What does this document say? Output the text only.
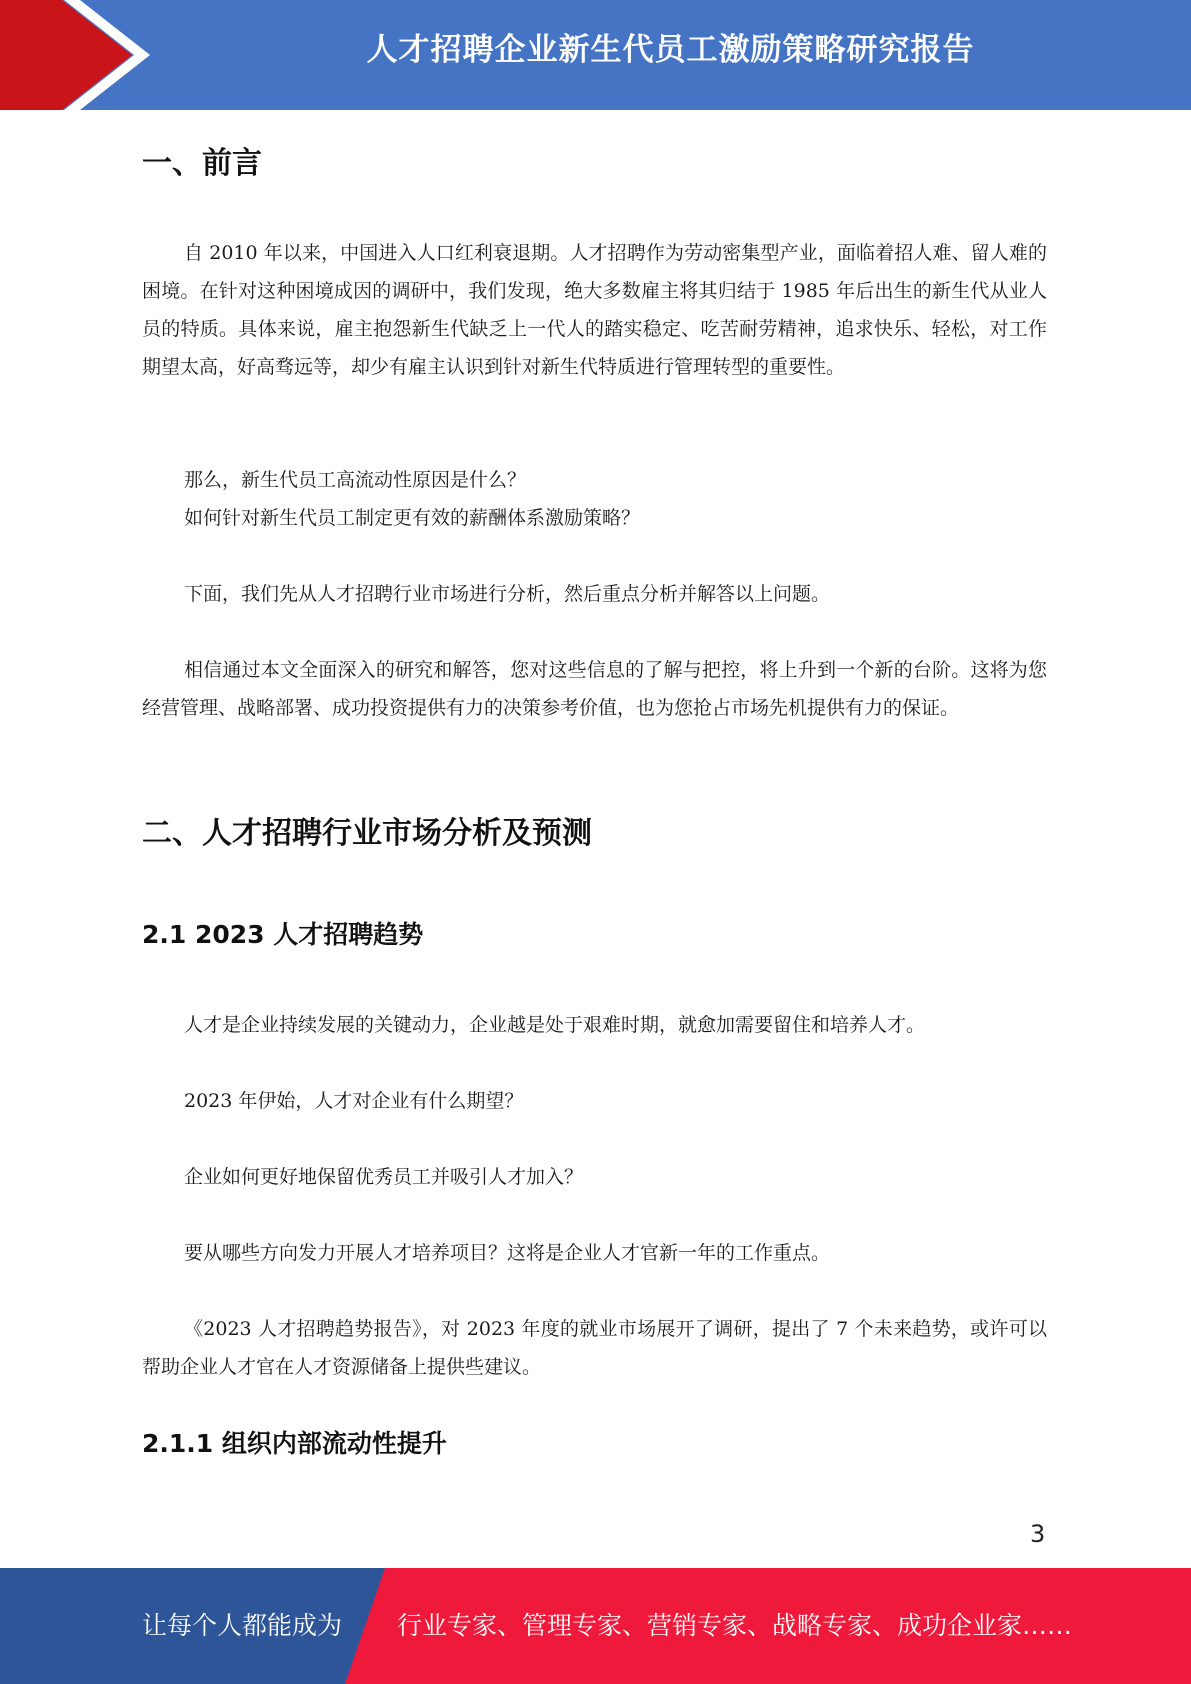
人才招聘企业新生代员工激励策略研究报告
一、前言

自 2010 年以来，中国进入人口红利衰退期。人才招聘作为劳动密集型产业，面临着招人难、留人难的困境。在针对这种困境成因的调研中，我们发现，绝大多数雇主将其归结于 1985 年后出生的新生代从业人员的特质。具体来说，雇主抱怨新生代缺乏上一代人的踏实稳定、吃苦耐劳精神，追求快乐、轻松，对工作期望太高，好高骛远等，却少有雇主认识到针对新生代特质进行管理转型的重要性。

那么，新生代员工高流动性原因是什么？

如何针对新生代员工制定更有效的薪酬体系激励策略？

下面，我们先从人才招聘行业市场进行分析，然后重点分析并解答以上问题。

相信通过本文全面深入的研究和解答，您对这些信息的了解与把控，将上升到一个新的台阶。这将为您经营管理、战略部署、成功投资提供有力的决策参考价值，也为您抢占市场先机提供有力的保证。

二、人才招聘行业市场分析及预测
2.1 2023 人才招聘趋势

人才是企业持续发展的关键动力，企业越是处于艰难时期，就愈加需要留住和培养人才。

2023 年伊始，人才对企业有什么期望？

企业如何更好地保留优秀员工并吸引人才加入？

要从哪些方向发力开展人才培养项目？这将是企业人才官新一年的工作重点。

《2023 人才招聘趋势报告》，对 2023 年度的就业市场展开了调研，提出了 7 个未来趋势，或许可以帮助企业人才官在人才资源储备上提供些建议。

2.1.1 组织内部流动性提升
3
让每个人都能成为 行业专家、管理专家、营销专家、战略专家、成功企业家……
